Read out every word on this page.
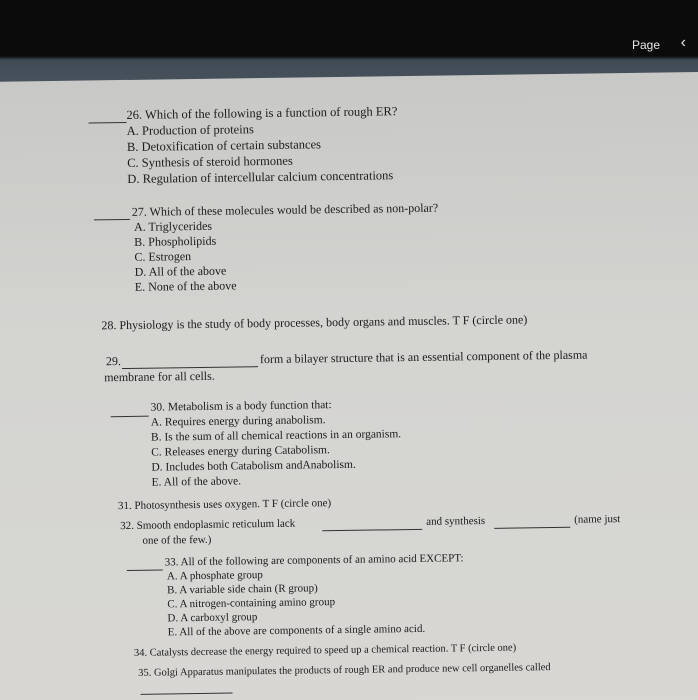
Page ‹
26. Which of the following is a function of rough ER?
A. Production of proteins
B. Detoxification of certain substances
C. Synthesis of steroid hormones
D. Regulation of intercellular calcium concentrations
27. Which of these molecules would be described as non-polar?
A. Triglycerides
B. Phospholipids
C. Estrogen
D. All of the above
E. None of the above
28. Physiology is the study of body processes, body organs and muscles. T F (circle one)
29.	form a bilayer structure that is an essential component of the plasma
membrane for all cells.
30. Metabolism is a body function that:
A. Requires energy during anabolism.
B. Is the sum of all chemical reactions in an organism.
C. Releases energy during Catabolism.
D. Includes both Catabolism andAnabolism.
E. All of the above.
31. Photosynthesis uses oxygen. T F (circle one)
32. Smooth endoplasmic reticulum lack	and synthesis	(name just
one of the few.)
33. All of the following are components of an amino acid EXCEPT:
A. A phosphate group
B. A variable side chain (R group)
C. A nitrogen-containing amino group
D. A carboxyl group
E. All of the above are components of a single amino acid.
34. Catalysts decrease the energy required to speed up a chemical reaction. T F (circle one)
35. Golgi Apparatus manipulates the products of rough ER and produce new cell organelles called
